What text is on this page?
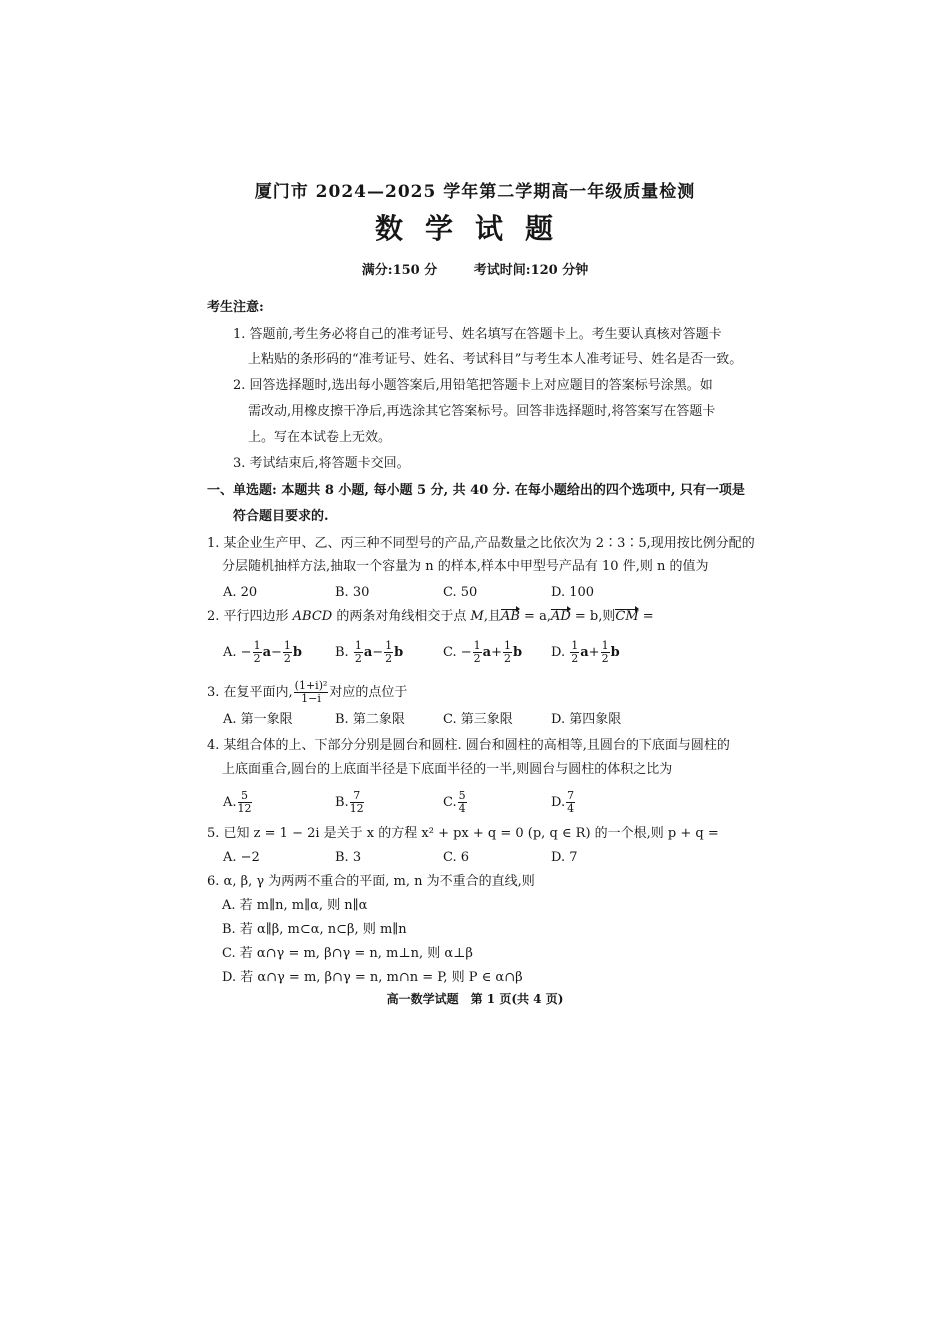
厦门市 2024—2025 学年第二学期高一年级质量检测
数学试题
满分:150 分	考试时间:120 分钟
考生注意:
1. 答题前,考生务必将自己的准考证号、姓名填写在答题卡上。考生要认真核对答题卡
上粘贴的条形码的“准考证号、姓名、考试科目”与考生本人准考证号、姓名是否一致。
2. 回答选择题时,选出每小题答案后,用铅笔把答题卡上对应题目的答案标号涂黑。如
需改动,用橡皮擦干净后,再选涂其它答案标号。回答非选择题时,将答案写在答题卡
上。写在本试卷上无效。
3. 考试结束后,将答题卡交回。
一、单选题: 本题共 8 小题, 每小题 5 分, 共 40 分. 在每小题给出的四个选项中, 只有一项是
符合题目要求的.
1. 某企业生产甲、乙、丙三种不同型号的产品,产品数量之比依次为 2∶3∶5,现用按比例分配的
分层随机抽样方法,抽取一个容量为 n 的样本,样本中甲型号产品有 10 件,则 n 的值为
A. 20	B. 30	C. 50	D. 100
2. 平行四边形 ABCD 的两条对角线相交于点 M,且AB = a,AD = b,则CM =
A. − $\frac{1}{2} a- \frac{1}{2}$ b	B. $\frac{1}{2} a- \frac{1}{2}$ b	C. − $\frac{1}{2} a+ \frac{1}{2}$ b D. $\frac{1}{2} a+ \frac{1}{2}$ b
3. 在复平面内, $\frac{\text{(1+i)²}}{1-i}$ 对应的点位于
A. 第一象限	B. 第二象限	C. 第三象限	D. 第四象限
4. 某组合体的上、下部分分别是圆台和圆柱. 圆台和圆柱的高相等,且圆台的下底面与圆柱的
上底面重合,圆台的上底面半径是下底面半径的一半,则圆台与圆柱的体积之比为
A. $\frac{5}{12}$	B. $\frac{7}{12}$	C. $\frac{5}{4}$	D. $\frac{7}{4}$
5. 已知 z = 1 − 2i 是关于 x 的方程 x² + px + q = 0 (p, q ∈ R) 的一个根,则 p + q =
A. −2	B. 3	C. 6	D. 7
6. α, β, γ 为两两不重合的平面, m, n 为不重合的直线,则
A. 若 m∥n, m∥α, 则 n∥α
B. 若 α∥β, m⊂α, n⊂β, 则 m∥n
C. 若 α∩γ = m, β∩γ = n, m⊥n, 则 α⊥β
D. 若 α∩γ = m, β∩γ = n, m∩n = P, 则 P ∈ α∩β
高一数学试题　第 1 页(共 4 页)
